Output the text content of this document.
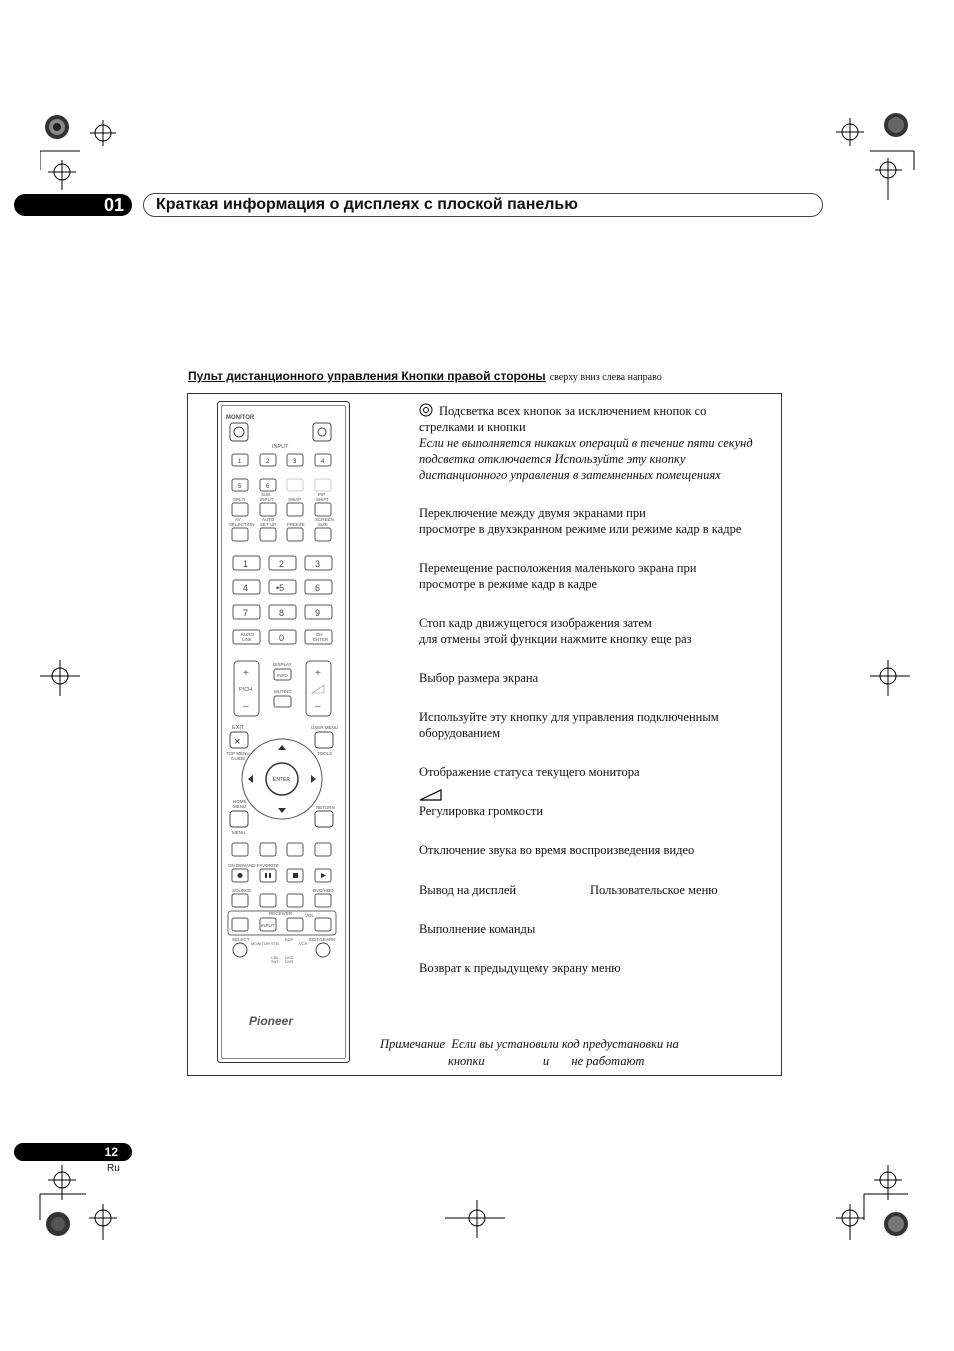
01	Краткая информация о дисплеях с плоской панелью
Пульт дистанционного управления Кнопки правой стороны сверху вниз слева направо
MONITOR
INPUT
1	2	3	4
5	6
SPLIT
SUB
INPUT	SWAP
PIP
SHIFT
AV
SELECTION
AUTO
SET UP FREEZE
SCREEN
SIZE
1	2	3
4	•5	6
7	8	9
0
KURO
LINK
CH
ENTER
+
P/CH
–
+
–
DISPLAY
INFO
MUTING
EXIT
×
USER MENU
TOP MENU
GUIDE
TOOLS
ENTER
HOME
MENU	RETURN
MENU
ON DEMAND FAVORITE
SOURCE	DVD/HDD
RECEIVER	VOL
INPUT
SELECT	EDIT/LEARN
MONITOR STB
BDP
VCR
CBL
SAT
DVD
DVR
Pioneer
Подсветка всех кнопок за исключением кнопок со
стрелками и кнопки
Если не выполняется никаких операций в течение пяти секунд
подсветка отключается Используйте эту кнопку
дистанционного управления в затемненных помещениях
Переключение между двумя экранами при
просмотре в двухэкранном режиме или режиме кадр в кадре
Перемещение расположения маленького экрана при
просмотре в режиме кадр в кадре
Стоп кадр движущегося изображения затем
для отмены этой функции нажмите кнопку еще раз
Выбор размера экрана
Используйте эту кнопку для управления подключенным
оборудованием
Отображение статуса текущего монитора
Регулировка громкости
Отключение звука во время воспроизведения видео
Вывод на дисплей	Пользовательское меню
Выполнение команды
Возврат к предыдущему экрану меню
Примечание Если вы установили код предустановки на
кнопки	и не работают
12
Ru
